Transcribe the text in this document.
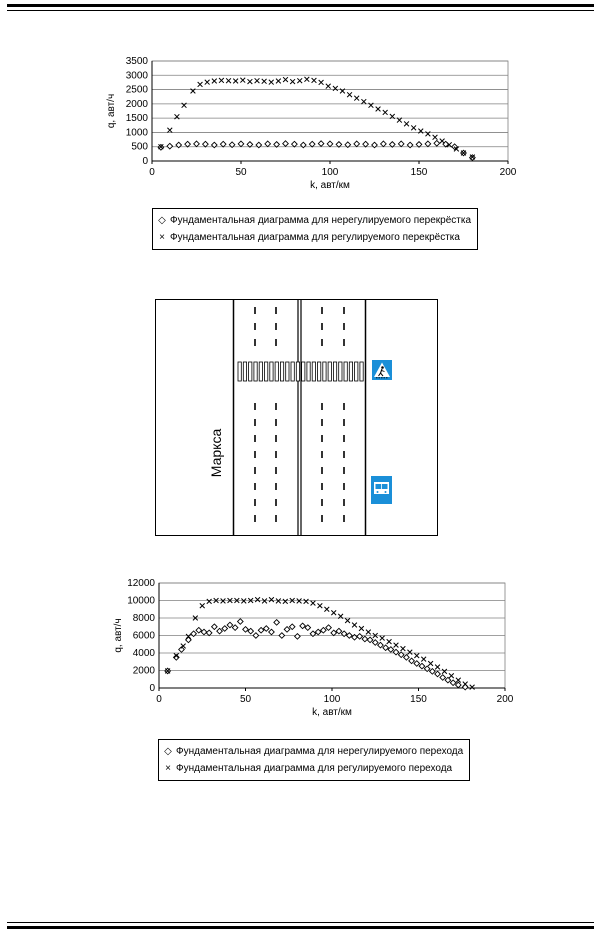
0
500
1000
1500
2000
2500
3000
3500
0	50	100	150	200
k, авт/км
q, авт/ч
◇ Фундаментальная диаграмма для нерегулируемого перекрёстка
× Фундаментальная диаграмма для регулируемого перекрёстка
Маркса
0
2000
4000
6000
8000
10000
12000
0	50	100	150	200
k, авт/км
q, авт/ч
◇ Фундаментальная диаграмма для нерегулируемого перехода
× Фундаментальная диаграмма для регулируемого перехода
